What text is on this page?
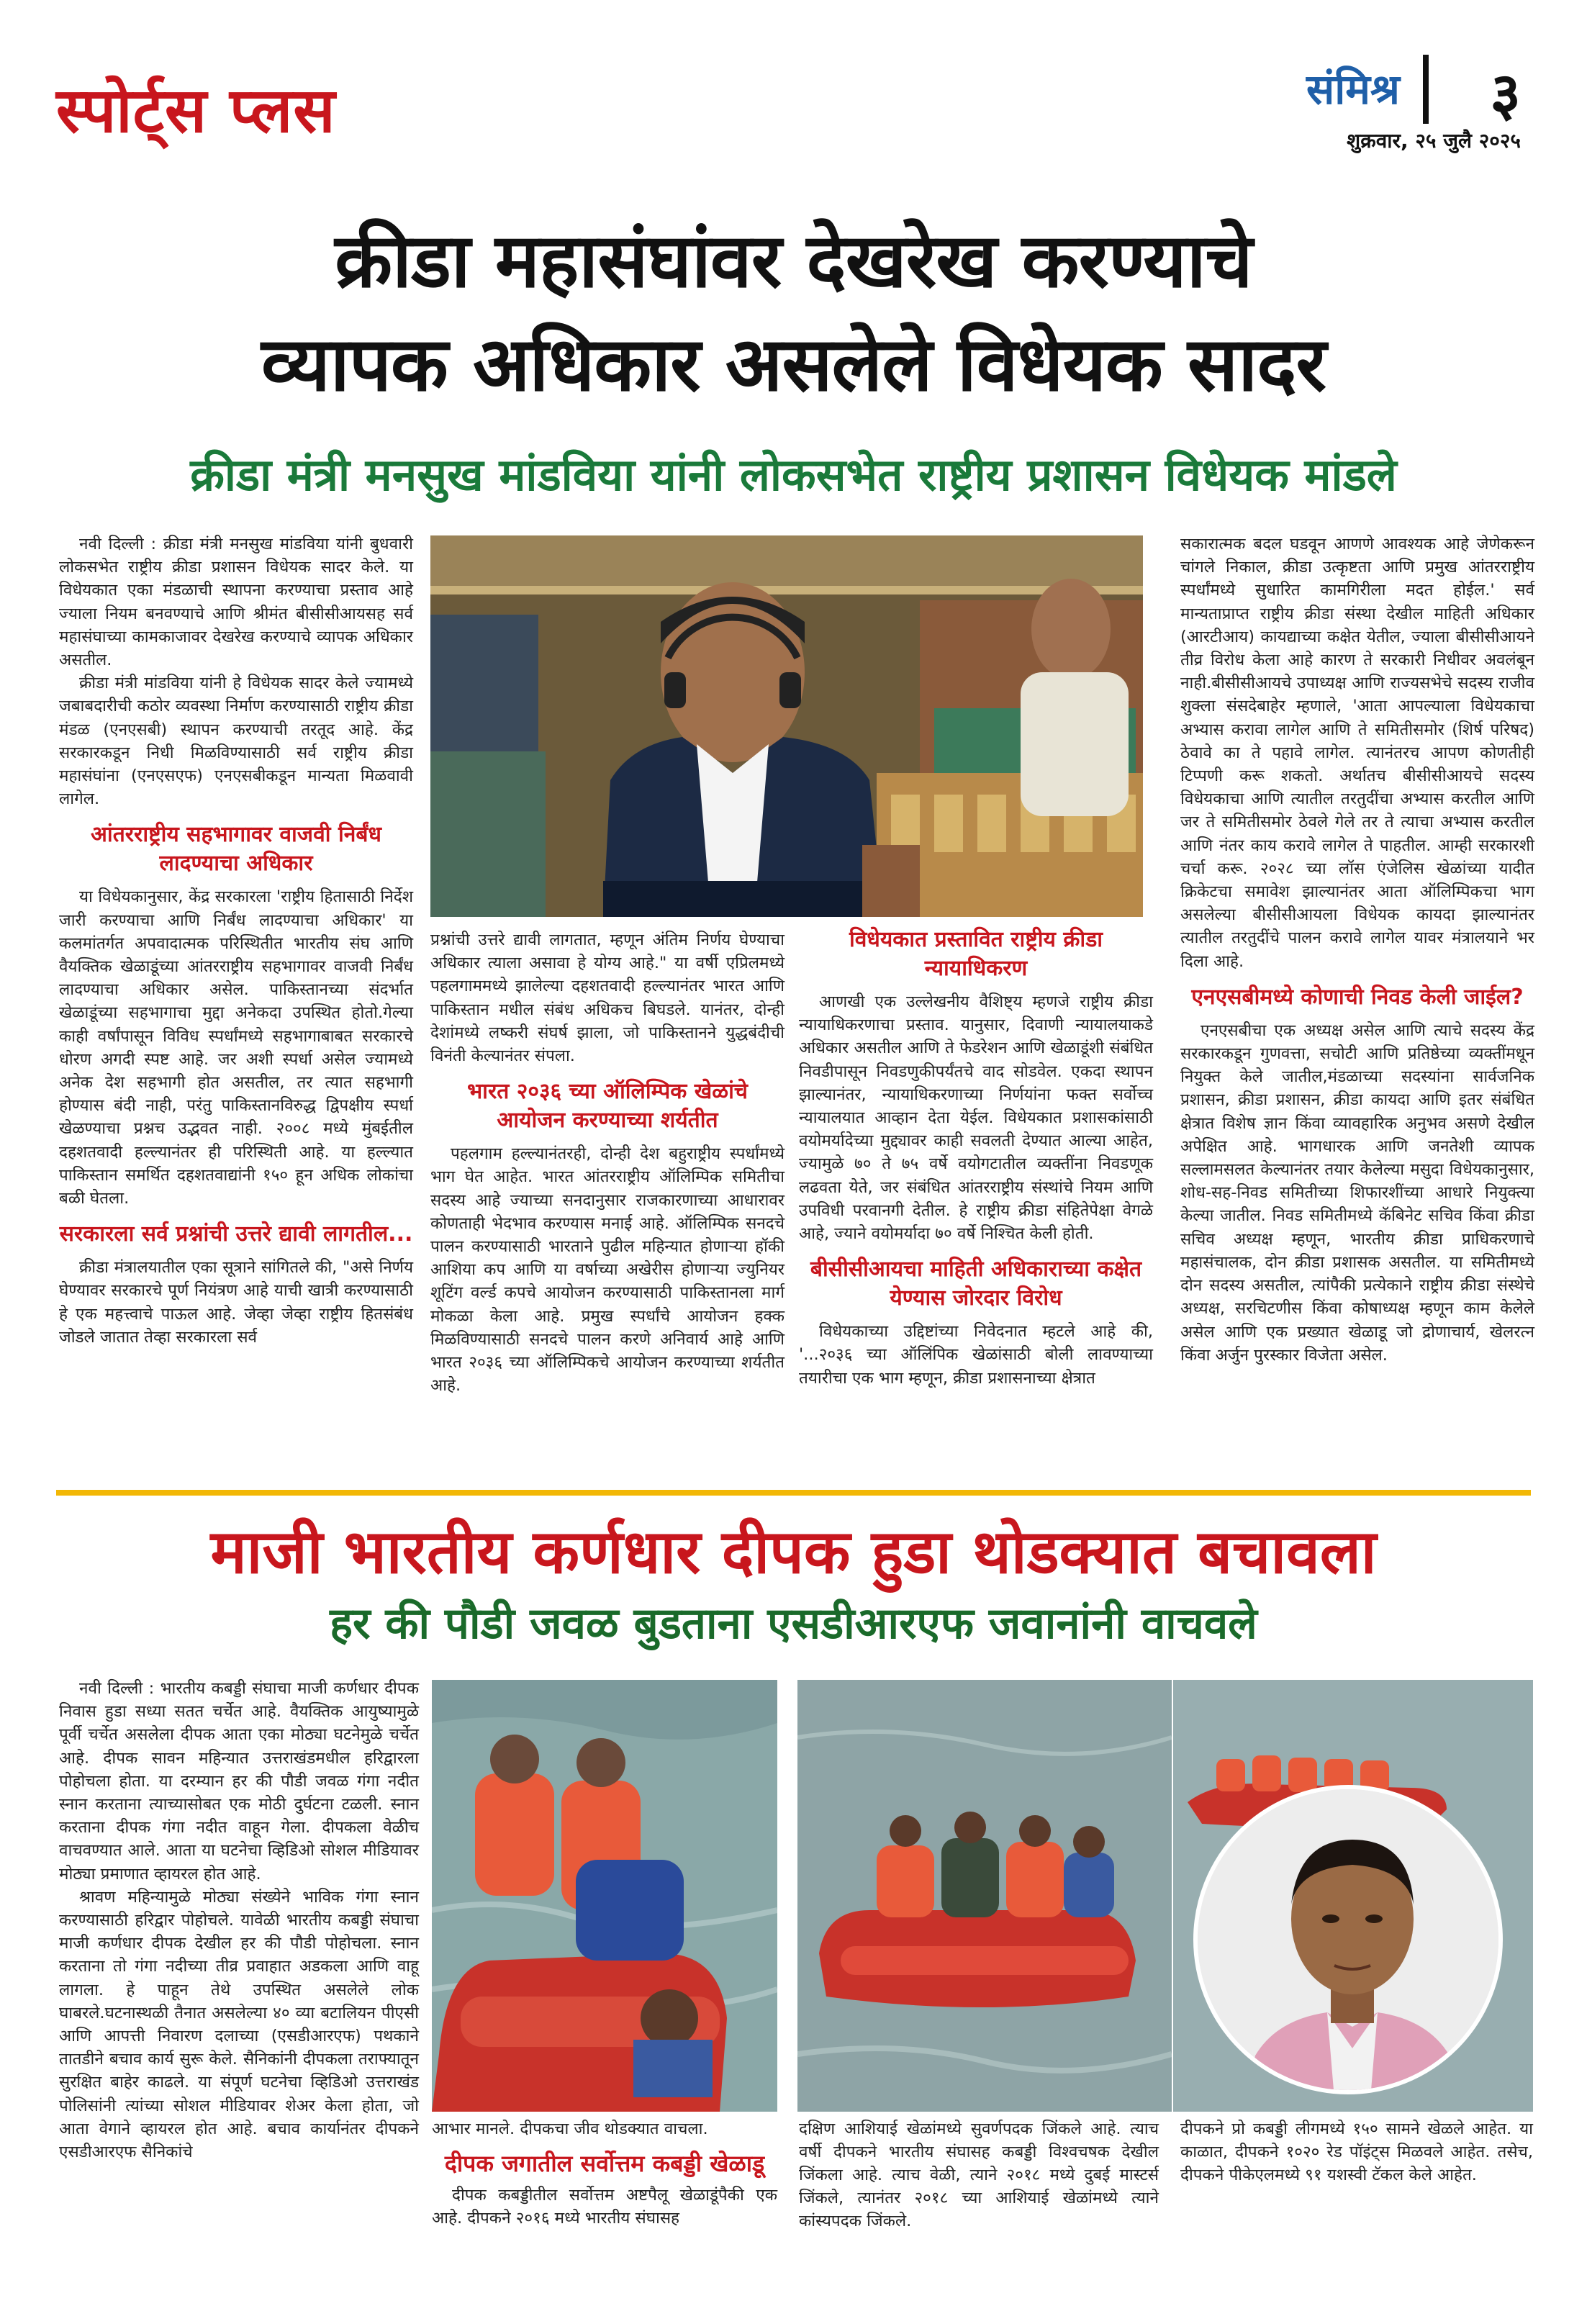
स्पोर्ट्स प्लस	संमिश्र ३
शुक्रवार, २५ जुलै २०२५
क्रीडा महासंघांवर देखरेख करण्याचे
व्यापक अधिकार असलेले विधेयक सादर
क्रीडा मंत्री मनसुख मांडविया यांनी लोकसभेत राष्ट्रीय प्रशासन विधेयक मांडले

नवी दिल्ली : क्रीडा मंत्री मनसुख मांडविया यांनी बुधवारी लोकसभेत राष्ट्रीय क्रीडा प्रशासन विधेयक सादर केले. या विधेयकात एका मंडळाची स्थापना करण्याचा प्रस्ताव आहे ज्याला नियम बनवण्याचे आणि श्रीमंत बीसीसीआयसह सर्व महासंघाच्या कामकाजावर देखरेख करण्याचे व्यापक अधिकार असतील.

क्रीडा मंत्री मांडविया यांनी हे विधेयक सादर केले ज्यामध्ये जबाबदारीची कठोर व्यवस्था निर्माण करण्यासाठी राष्ट्रीय क्रीडा मंडळ (एनएसबी) स्थापन करण्याची तरतूद आहे. केंद्र सरकारकडून निधी मिळविण्यासाठी सर्व राष्ट्रीय क्रीडा महासंघांना (एनएसएफ) एनएसबीकडून मान्यता मिळवावी लागेल.

आंतरराष्ट्रीय सहभागावर वाजवी निर्बंध लादण्याचा अधिकार

या विधेयकानुसार, केंद्र सरकारला 'राष्ट्रीय हितासाठी निर्देश जारी करण्याचा आणि निर्बंध लादण्याचा अधिकार' या कलमांतर्गत अपवादात्मक परिस्थितीत भारतीय संघ आणि वैयक्तिक खेळाडूंच्या आंतरराष्ट्रीय सहभागावर वाजवी निर्बंध लादण्याचा अधिकार असेल. पाकिस्तानच्या संदर्भात खेळाडूंच्या सहभागाचा मुद्दा अनेकदा उपस्थित होतो.गेल्या काही वर्षांपासून विविध स्पर्धांमध्ये सहभागाबाबत सरकारचे धोरण अगदी स्पष्ट आहे. जर अशी स्पर्धा असेल ज्यामध्ये अनेक देश सहभागी होत असतील, तर त्यात सहभागी होण्यास बंदी नाही, परंतु पाकिस्तानविरुद्ध द्विपक्षीय स्पर्धा खेळण्याचा प्रश्नच उद्भवत नाही. २००८ मध्ये मुंबईतील दहशतवादी हल्ल्यानंतर ही परिस्थिती आहे. या हल्ल्यात पाकिस्तान समर्थित दहशतवाद्यांनी १५० हून अधिक लोकांचा बळी घेतला.

सरकारला सर्व प्रश्नांची उत्तरे द्यावी लागतील...

क्रीडा मंत्रालयातील एका सूत्राने सांगितले की, "असे निर्णय घेण्यावर सरकारचे पूर्ण नियंत्रण आहे याची खात्री करण्यासाठी हे एक महत्त्वाचे पाऊल आहे. जेव्हा जेव्हा राष्ट्रीय हितसंबंध जोडले जातात तेव्हा सरकारला सर्व

प्रश्नांची उत्तरे द्यावी लागतात, म्हणून अंतिम निर्णय घेण्याचा अधिकार त्याला असावा हे योग्य आहे." या वर्षी एप्रिलमध्ये पहलगाममध्ये झालेल्या दहशतवादी हल्ल्यानंतर भारत आणि पाकिस्तान मधील संबंध अधिकच बिघडले. यानंतर, दोन्ही देशांमध्ये लष्करी संघर्ष झाला, जो पाकिस्तानने युद्धबंदीची विनंती केल्यानंतर संपला.

भारत २०३६ च्या ऑलिम्पिक खेळांचे आयोजन करण्याच्या शर्यतीत

पहलगाम हल्ल्यानंतरही, दोन्ही देश बहुराष्ट्रीय स्पर्धांमध्ये भाग घेत आहेत. भारत आंतरराष्ट्रीय ऑलिम्पिक समितीचा सदस्य आहे ज्याच्या सनदानुसार राजकारणाच्या आधारावर कोणताही भेदभाव करण्यास मनाई आहे. ऑलिम्पिक सनदचे पालन करण्यासाठी भारताने पुढील महिन्यात होणाऱ्या हॉकी आशिया कप आणि या वर्षाच्या अखेरीस होणाऱ्या ज्युनियर शूटिंग वर्ल्ड कपचे आयोजन करण्यासाठी पाकिस्तानला मार्ग मोकळा केला आहे. प्रमुख स्पर्धांचे आयोजन हक्क मिळविण्यासाठी सनदचे पालन करणे अनिवार्य आहे आणि भारत २०३६ च्या ऑलिम्पिकचे आयोजन करण्याच्या शर्यतीत आहे.

विधेयकात प्रस्तावित राष्ट्रीय क्रीडा न्यायाधिकरण

आणखी एक उल्लेखनीय वैशिष्ट्य म्हणजे राष्ट्रीय क्रीडा न्यायाधिकरणाचा प्रस्ताव. यानुसार, दिवाणी न्यायालयाकडे अधिकार असतील आणि ते फेडरेशन आणि खेळाडूंशी संबंधित निवडीपासून निवडणुकीपर्यंतचे वाद सोडवेल. एकदा स्थापन झाल्यानंतर, न्यायाधिकरणाच्या निर्णयांना फक्त सर्वोच्च न्यायालयात आव्हान देता येईल. विधेयकात प्रशासकांसाठी वयोमर्यादेच्या मुद्द्यावर काही सवलती देण्यात आल्या आहेत, ज्यामुळे ७० ते ७५ वर्षे वयोगटातील व्यक्तींना निवडणूक लढवता येते, जर संबंधित आंतरराष्ट्रीय संस्थांचे नियम आणि उपविधी परवानगी देतील. हे राष्ट्रीय क्रीडा संहितेपेक्षा वेगळे आहे, ज्याने वयोमर्यादा ७० वर्षे निश्चित केली होती.

बीसीसीआयचा माहिती अधिकाराच्या कक्षेत येण्यास जोरदार विरोध

विधेयकाच्या उद्दिष्टांच्या निवेदनात म्हटले आहे की, '...२०३६ च्या ऑलिंपिक खेळांसाठी बोली लावण्याच्या तयारीचा एक भाग म्हणून, क्रीडा प्रशासनाच्या क्षेत्रात

सकारात्मक बदल घडवून आणणे आवश्यक आहे जेणेकरून चांगले निकाल, क्रीडा उत्कृष्टता आणि प्रमुख आंतरराष्ट्रीय स्पर्धांमध्ये सुधारित कामगिरीला मदत होईल.' सर्व मान्यताप्राप्त राष्ट्रीय क्रीडा संस्था देखील माहिती अधिकार (आरटीआय) कायद्याच्या कक्षेत येतील, ज्याला बीसीसीआयने तीव्र विरोध केला आहे कारण ते सरकारी निधीवर अवलंबून नाही.बीसीसीआयचे उपाध्यक्ष आणि राज्यसभेचे सदस्य राजीव शुक्ला संसदेबाहेर म्हणाले, 'आता आपल्याला विधेयकाचा अभ्यास करावा लागेल आणि ते समितीसमोर (शिर्ष परिषद) ठेवावे का ते पहावे लागेल. त्यानंतरच आपण कोणतीही टिप्पणी करू शकतो. अर्थातच बीसीसीआयचे सदस्य विधेयकाचा आणि त्यातील तरतुदींचा अभ्यास करतील आणि जर ते समितीसमोर ठेवले गेले तर ते त्याचा अभ्यास करतील आणि नंतर काय करावे लागेल ते पाहतील. आम्ही सरकारशी चर्चा करू. २०२८ च्या लॉस एंजेलिस खेळांच्या यादीत क्रिकेटचा समावेश झाल्यानंतर आता ऑलिम्पिकचा भाग असलेल्या बीसीसीआयला विधेयक कायदा झाल्यानंतर त्यातील तरतुदींचे पालन करावे लागेल यावर मंत्रालयाने भर दिला आहे.

एनएसबीमध्ये कोणाची निवड केली जाईल?

एनएसबीचा एक अध्यक्ष असेल आणि त्याचे सदस्य केंद्र सरकारकडून गुणवत्ता, सचोटी आणि प्रतिष्ठेच्या व्यक्तींमधून नियुक्त केले जातील,मंडळाच्या सदस्यांना सार्वजनिक प्रशासन, क्रीडा प्रशासन, क्रीडा कायदा आणि इतर संबंधित क्षेत्रात विशेष ज्ञान किंवा व्यावहारिक अनुभव असणे देखील अपेक्षित आहे. भागधारक आणि जनतेशी व्यापक सल्लामसलत केल्यानंतर तयार केलेल्या मसुदा विधेयकानुसार, शोध-सह-निवड समितीच्या शिफारशींच्या आधारे नियुक्त्या केल्या जातील. निवड समितीमध्ये कॅबिनेट सचिव किंवा क्रीडा सचिव अध्यक्ष म्हणून, भारतीय क्रीडा प्राधिकरणाचे महासंचालक, दोन क्रीडा प्रशासक असतील. या समितीमध्ये दोन सदस्य असतील, त्यांपैकी प्रत्येकाने राष्ट्रीय क्रीडा संस्थेचे अध्यक्ष, सरचिटणीस किंवा कोषाध्यक्ष म्हणून काम केलेले असेल आणि एक प्रख्यात खेळाडू जो द्रोणाचार्य, खेलरत्न किंवा अर्जुन पुरस्कार विजेता असेल.

माजी भारतीय कर्णधार दीपक हुडा थोडक्यात बचावला
हर की पौडी जवळ बुडताना एसडीआरएफ जवानांनी वाचवले

नवी दिल्ली : भारतीय कबड्डी संघाचा माजी कर्णधार दीपक निवास हुडा सध्या सतत चर्चेत आहे. वैयक्तिक आयुष्यामुळे पूर्वी चर्चेत असलेला दीपक आता एका मोठ्या घटनेमुळे चर्चेत आहे. दीपक सावन महिन्यात उत्तराखंडमधील हरिद्वारला पोहोचला होता. या दरम्यान हर की पौडी जवळ गंगा नदीत स्नान करताना त्याच्यासोबत एक मोठी दुर्घटना टळली. स्नान करताना दीपक गंगा नदीत वाहून गेला. दीपकला वेळीच वाचवण्यात आले. आता या घटनेचा व्हिडिओ सोशल मीडियावर मोठ्या प्रमाणात व्हायरल होत आहे.

श्रावण महिन्यामुळे मोठ्या संख्येने भाविक गंगा स्नान करण्यासाठी हरिद्वार पोहोचले. यावेळी भारतीय कबड्डी संघाचा माजी कर्णधार दीपक देखील हर की पौडी पोहोचला. स्नान करताना तो गंगा नदीच्या तीव्र प्रवाहात अडकला आणि वाहू लागला. हे पाहून तेथे उपस्थित असलेले लोक घाबरले.घटनास्थळी तैनात असलेल्या ४० व्या बटालियन पीएसी आणि आपत्ती निवारण दलाच्या (एसडीआरएफ) पथकाने तातडीने बचाव कार्य सुरू केले. सैनिकांनी दीपकला तराफ्यातून सुरक्षित बाहेर काढले. या संपूर्ण घटनेचा व्हिडिओ उत्तराखंड पोलिसांनी त्यांच्या सोशल मीडियावर शेअर केला होता, जो आता वेगाने व्हायरल होत आहे. बचाव कार्यानंतर दीपकने एसडीआरएफ सैनिकांचे

आभार मानले. दीपकचा जीव थोडक्यात वाचला.

दीपक जगातील सर्वोत्तम कबड्डी खेळाडू

दीपक कबड्डीतील सर्वोत्तम अष्टपैलू खेळाडूंपैकी एक आहे. दीपकने २०१६ मध्ये भारतीय संघासह

दक्षिण आशियाई खेळांमध्ये सुवर्णपदक जिंकले आहे. त्याच वर्षी दीपकने भारतीय संघासह कबड्डी विश्वचषक देखील जिंकला आहे. त्याच वेळी, त्याने २०१८ मध्ये दुबई मास्टर्स जिंकले, त्यानंतर २०१८ च्या आशियाई खेळांमध्ये त्याने कांस्यपदक जिंकले.

दीपकने प्रो कबड्डी लीगमध्ये १५० सामने खेळले आहेत. या काळात, दीपकने १०२० रेड पॉइंट्स मिळवले आहेत. तसेच, दीपकने पीकेएलमध्ये ९१ यशस्वी टॅकल केले आहेत.
